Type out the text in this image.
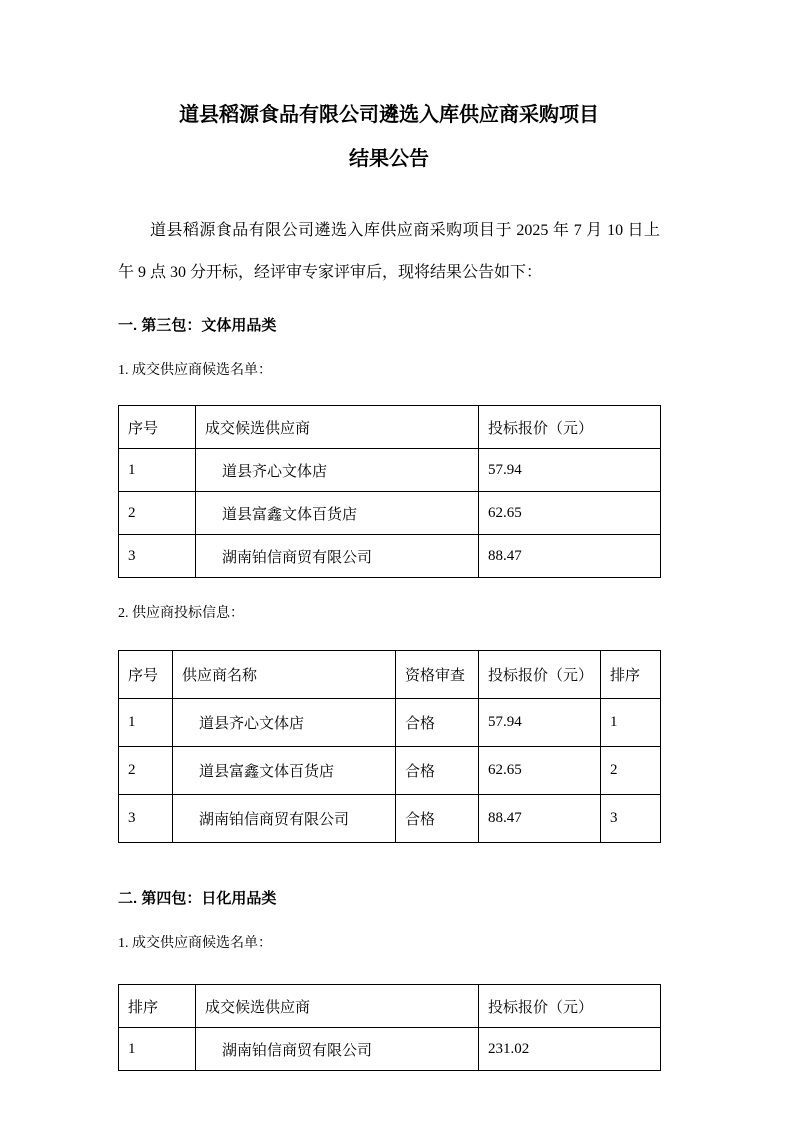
道县稻源食品有限公司遴选入库供应商采购项目
结果公告

道县稻源食品有限公司遴选入库供应商采购项目于 2025 年 7 月 10 日上午 9 点 30 分开标，经评审专家评审后，现将结果公告如下：

一. 第三包：文体用品类
1. 成交供应商候选名单：
序号	成交候选供应商	投标报价（元）
1	道县齐心文体店	57.94
2	道县富鑫文体百货店	62.65
3	湖南铂信商贸有限公司	88.47
2. 供应商投标信息：
序号	供应商名称	资格审查	投标报价（元）	排序
1	道县齐心文体店	合格	57.94	1
2	道县富鑫文体百货店	合格	62.65	2
3	湖南铂信商贸有限公司	合格	88.47	3
二. 第四包：日化用品类
1. 成交供应商候选名单：
排序	成交候选供应商	投标报价（元）
1	湖南铂信商贸有限公司	231.02
